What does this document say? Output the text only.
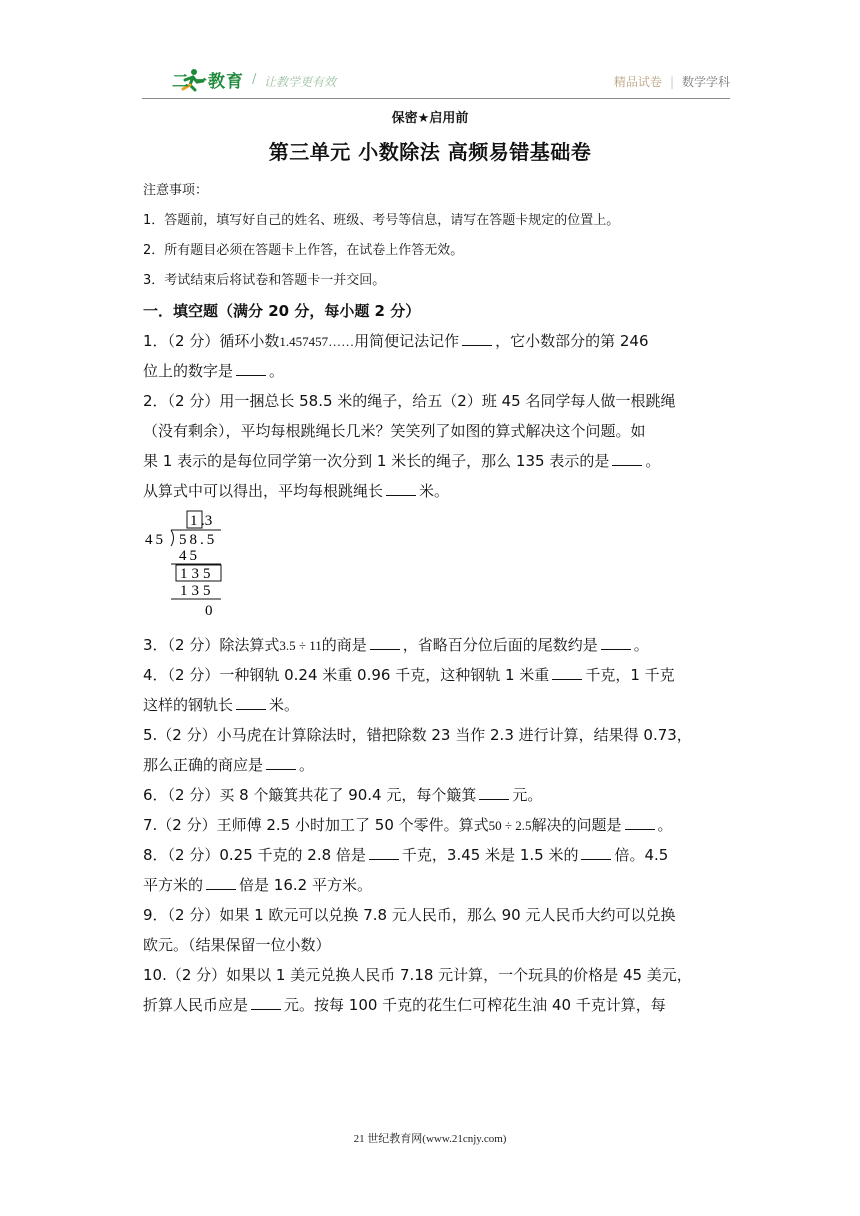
二一教育 / 让教学更有效	精品试卷 | 数学学科
保密★启用前
第三单元 小数除法 高频易错基础卷
注意事项：
1．答题前，填写好自己的姓名、班级、考号等信息，请写在答题卡规定的位置上。
2．所有题目必须在答题卡上作答，在试卷上作答无效。
3．考试结束后将试卷和答题卡一并交回。
一．填空题（满分 20 分，每小题 2 分）
1．（2 分）循环小数1.457457……用简便记法记作 ，它小数部分的第 246
位上的数字是 。
2．（2 分）用一捆总长 58.5 米的绳子，给五（2）班 45 名同学每人做一根跳绳
（没有剩余），平均每根跳绳长几米？笑笑列了如图的算式解决这个问题。如
果 1 表示的是每位同学第一次分到 1 米长的绳子，那么 135 表示的是 。
从算式中可以得出，平均每根跳绳长 米。
1 .3
45 58.5
45
135
135
0
3．（2 分）除法算式3.5 ÷ 11的商是 ，省略百分位后面的尾数约是 。
4．（2 分）一种钢轨 0.24 米重 0.96 千克，这种钢轨 1 米重 千克，1 千克
这样的钢轨长 米。
5.（2 分）小马虎在计算除法时，错把除数 23 当作 2.3 进行计算，结果得 0.73，
那么正确的商应是 。
6．（2 分）买 8 个簸箕共花了 90.4 元，每个簸箕 元。
7.（2 分）王师傅 2.5 小时加工了 50 个零件。算式50 ÷ 2.5解决的问题是 。
8．（2 分）0.25 千克的 2.8 倍是 千克，3.45 米是 1.5 米的 倍。4.5
平方米的 倍是 16.2 平方米。
9．（2 分）如果 1 欧元可以兑换 7.8 元人民币，那么 90 元人民币大约可以兑换
欧元。（结果保留一位小数）
10.（2 分）如果以 1 美元兑换人民币 7.18 元计算，一个玩具的价格是 45 美元，
折算人民币应是 元。按每 100 千克的花生仁可榨花生油 40 千克计算，每
21 世纪教育网(www.21cnjy.com)
